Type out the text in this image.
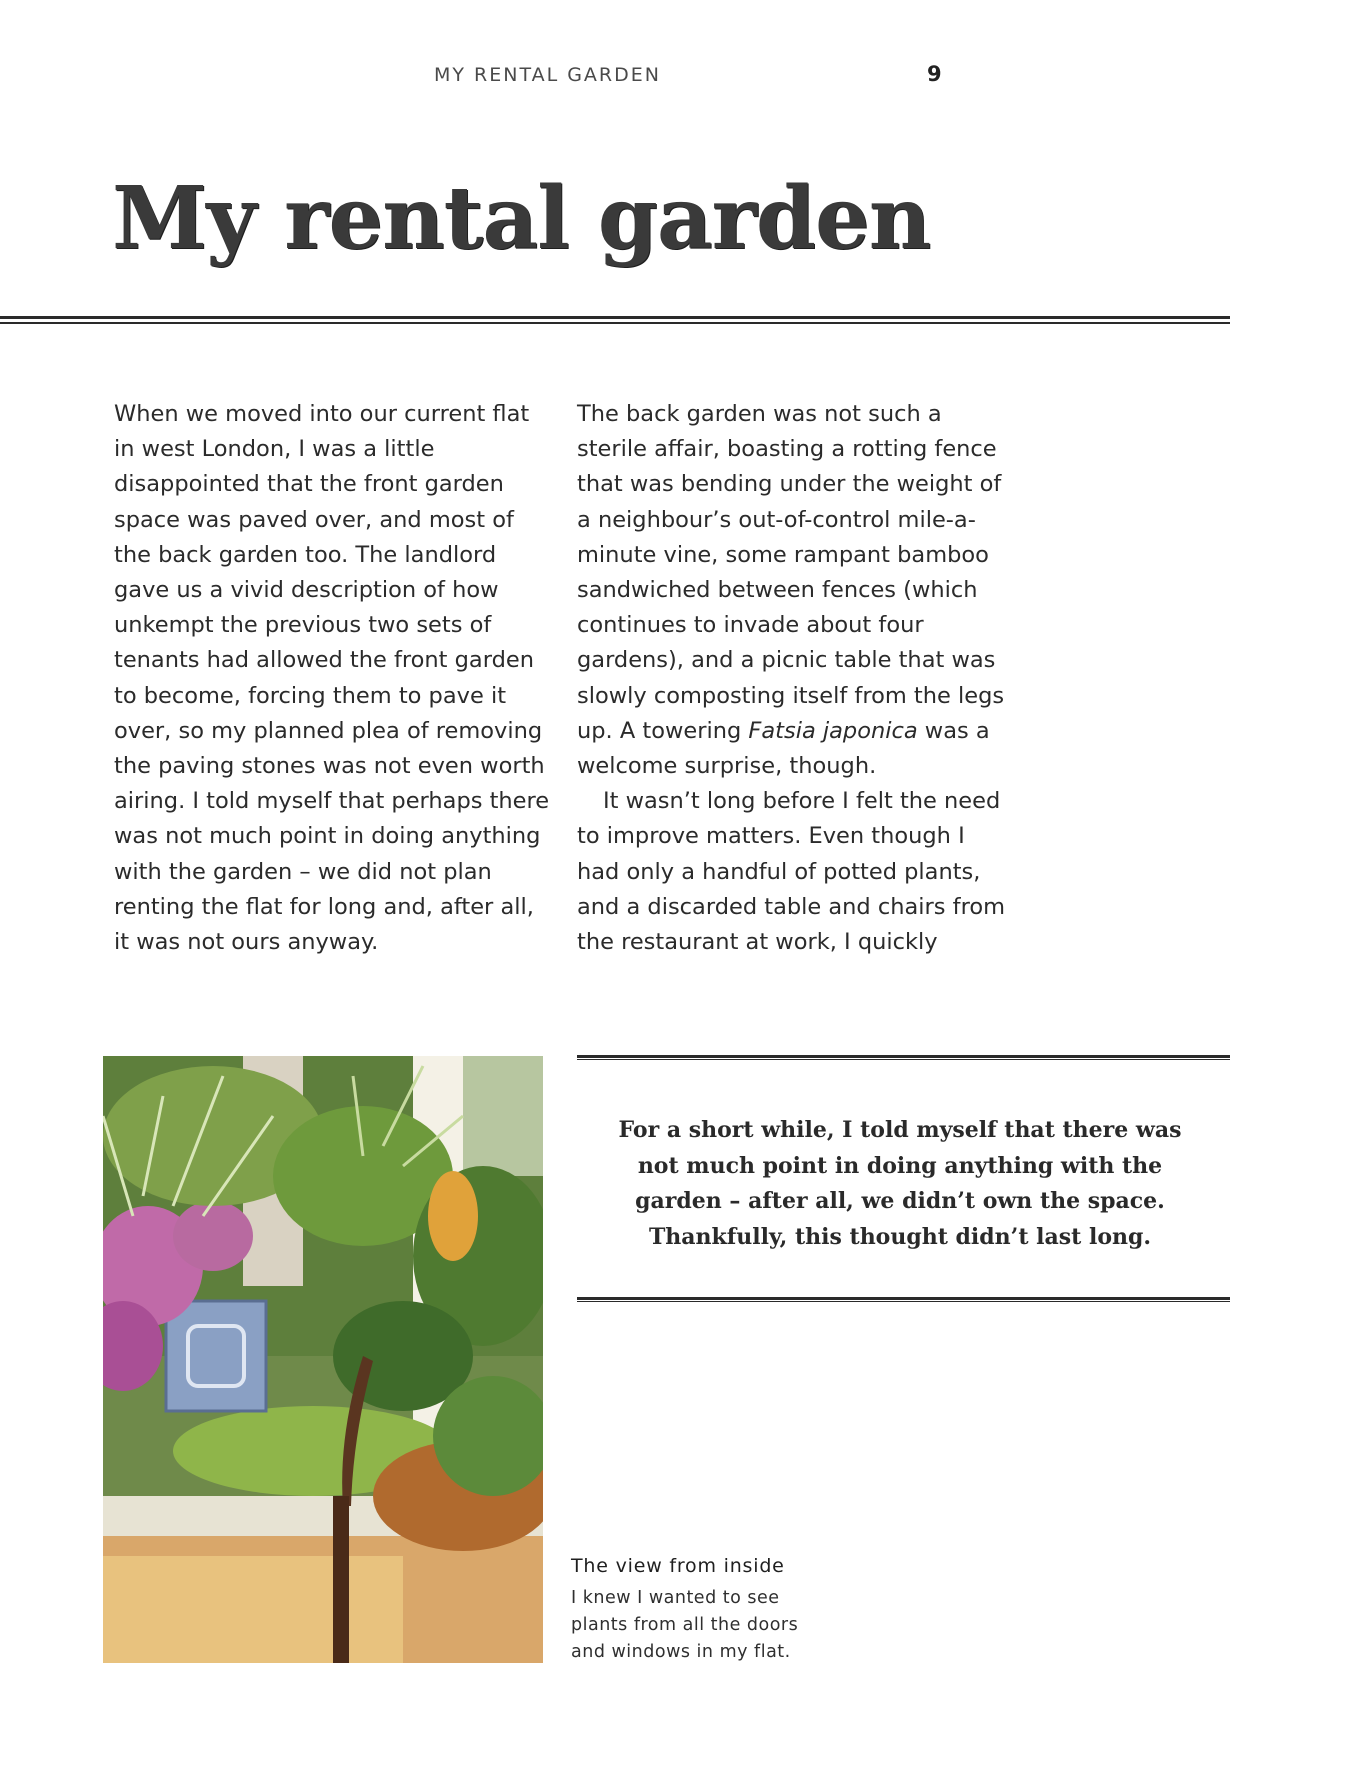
MY RENTAL GARDEN	9
My rental garden

When we moved into our current flat in west London, I was a little disappointed that the front garden space was paved over, and most of the back garden too. The landlord gave us a vivid description of how unkempt the previous two sets of tenants had allowed the front garden to become, forcing them to pave it over, so my planned plea of removing the paving stones was not even worth airing. I told myself that perhaps there was not much point in doing anything with the garden – we did not plan renting the flat for long and, after all, it was not ours anyway.

The back garden was not such a sterile affair, boasting a rotting fence that was bending under the weight of a neighbour’s out-of-control mile-a-minute vine, some rampant bamboo sandwiched between fences (which continues to invade about four gardens), and a picnic table that was slowly composting itself from the legs up. A towering Fatsia japonica was a welcome surprise, though.

It wasn’t long before I felt the need to improve matters. Even though I had only a handful of potted plants, and a discarded table and chairs from the restaurant at work, I quickly

For a short while, I told myself that there was not much point in doing anything with the garden – after all, we didn’t own the space. Thankfully, this thought didn’t last long.

The view from inside

I knew I wanted to see plants from all the doors and windows in my flat.
